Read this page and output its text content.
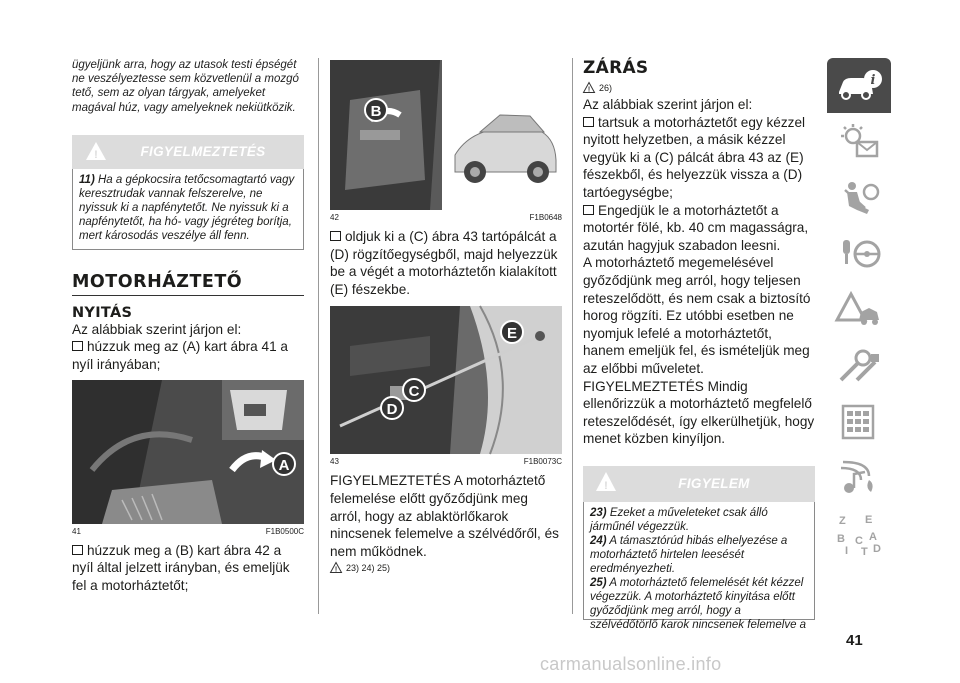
ügyeljünk arra, hogy az utasok testi épségét ne veszélyeztesse sem közvetlenül a mozgó tető, sem az olyan tárgyak, amelyeket magával húz, vagy amelyeknek nekiütközik.

!	FIGYELMEZTETÉS
11) Ha a gépkocsira tetőcsomagtartó vagy keresztrudak vannak felszerelve, ne nyissuk ki a napfénytetőt. Ne nyissuk ki a napfénytetőt, ha hó- vagy jégréteg borítja, mert károsodás veszélye áll fenn.
MOTORHÁZTETŐ
NYITÁS

Az alábbiak szerint járjon el:

húzzuk meg az (A) kart ábra 41 a nyíl irányában;

A
41	F1B0500C

húzzuk meg a (B) kart ábra 42 a nyíl által jelzett irányban, és emeljük fel a motorháztetőt;

B
42	F1B0648

oldjuk ki a (C) ábra 43 tartópálcát a (D) rögzítőegységből, majd helyezzük be a végét a motorháztetőn kialakított (E) fészekbe.

E
C
D
43	F1B0073C

FIGYELMEZTETÉS A motorháztető felemelése előtt győződjünk meg arról, hogy az ablaktörlőkarok nincsenek felemelve a szélvédőről, és nem működnek.

! 23) 24) 25)
ZÁRÁS
! 26)

Az alábbiak szerint járjon el:

tartsuk a motorháztetőt egy kézzel nyitott helyzetben, a másik kézzel vegyük ki a (C) pálcát ábra 43 az (E) fészekből, és helyezzük vissza a (D) tartóegységbe;

Engedjük le a motorháztetőt a motortér fölé, kb. 40 cm magasságra, azután hagyjuk szabadon leesni.

A motorháztető megemelésével győződjünk meg arról, hogy teljesen reteszelődött, és nem csak a biztosító horog rögzíti. Ez utóbbi esetben ne nyomjuk lefelé a motorháztetőt, hanem emeljük fel, és ismételjük meg az előbbi műveletet.

FIGYELMEZTETÉS Mindig ellenőrizzük a motorháztető megfelelő reteszelődését, így elkerülhetjük, hogy menet közben kinyíljon.

!	FIGYELEM

23) Ezeket a műveleteket csak álló járműnél végezzük.

24) A támasztórúd hibás elhelyezése a motorháztető hirtelen leesését eredményezheti.

25) A motorháztető felemelését két kézzel végezzük. A motorháztető kinyitása előtt győződjünk meg arról, hogy a szélvédőtörlő karok nincsenek felemelve a

i
Z E
B A
I
C
T D
41
carmanualsonline.info
